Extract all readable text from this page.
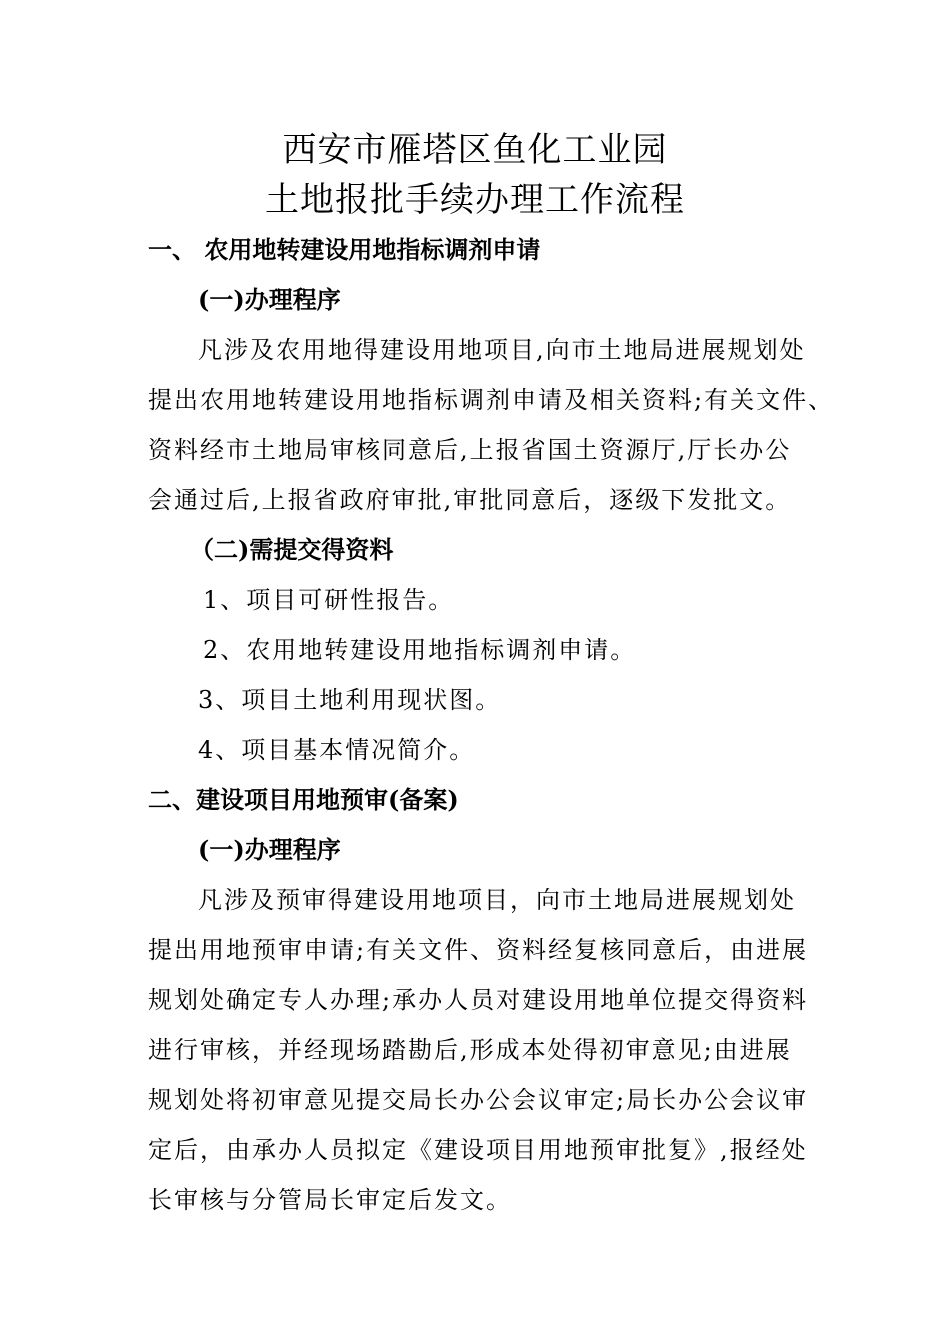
西安市雁塔区鱼化工业园
土地报批手续办理工作流程
一、 农用地转建设用地指标调剂申请
(一)办理程序
凡涉及农用地得建设用地项目,向市土地局进展规划处
提出农用地转建设用地指标调剂申请及相关资料;有关文件、
资料经市土地局审核同意后,上报省国土资源厅,厅长办公
会通过后,上报省政府审批,审批同意后，逐级下发批文。
（二)需提交得资料
1、项目可研性报告。
2、农用地转建设用地指标调剂申请。
3、项目土地利用现状图。
4、项目基本情况简介。
二、建设项目用地预审(备案)
(一)办理程序
凡涉及预审得建设用地项目，向市土地局进展规划处
提出用地预审申请;有关文件、资料经复核同意后，由进展
规划处确定专人办理;承办人员对建设用地单位提交得资料
进行审核，并经现场踏勘后,形成本处得初审意见;由进展
规划处将初审意见提交局长办公会议审定;局长办公会议审
定后，由承办人员拟定《建设项目用地预审批复》,报经处
长审核与分管局长审定后发文。
